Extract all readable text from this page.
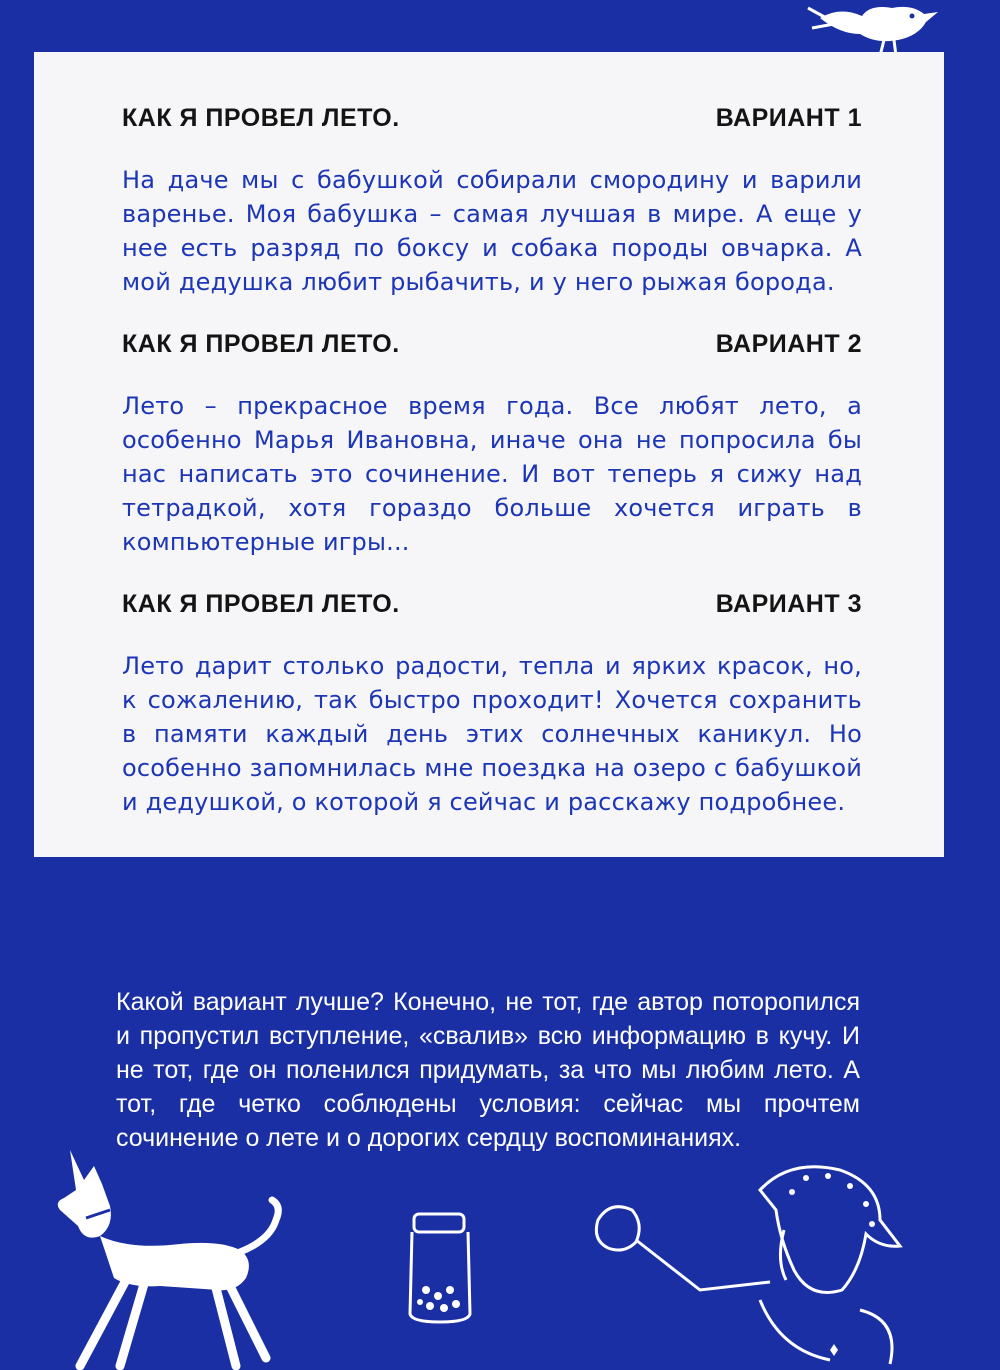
КАК Я ПРОВЕЛ ЛЕТО.	ВАРИАНТ 1
На даче мы с бабушкой собирали смородину и варили варенье. Моя бабушка – самая лучшая в мире. А еще у нее есть разряд по боксу и собака породы овчарка. А мой дедушка любит рыбачить, и у него рыжая борода.
КАК Я ПРОВЕЛ ЛЕТО.	ВАРИАНТ 2
Лето – прекрасное время года. Все любят лето, а особенно Марья Ивановна, иначе она не попросила бы нас написать это сочинение. И вот теперь я сижу над тетрадкой, хотя гораздо больше хочется играть в компьютерные игры...
КАК Я ПРОВЕЛ ЛЕТО.	ВАРИАНТ 3
Лето дарит столько радости, тепла и ярких красок, но, к сожалению, так быстро проходит! Хочется сохранить в памяти каждый день этих солнечных каникул. Но особенно запомнилась мне поездка на озеро с бабушкой и дедушкой, о которой я сейчас и расскажу подробнее.
Какой вариант лучше? Конечно, не тот, где автор поторопился и пропустил вступление, «свалив» всю информацию в кучу. И не тот, где он поленился придумать, за что мы любим лето. А тот, где четко соблюдены условия: сейчас мы прочтем сочинение о лете и о дорогих сердцу воспоминаниях.
